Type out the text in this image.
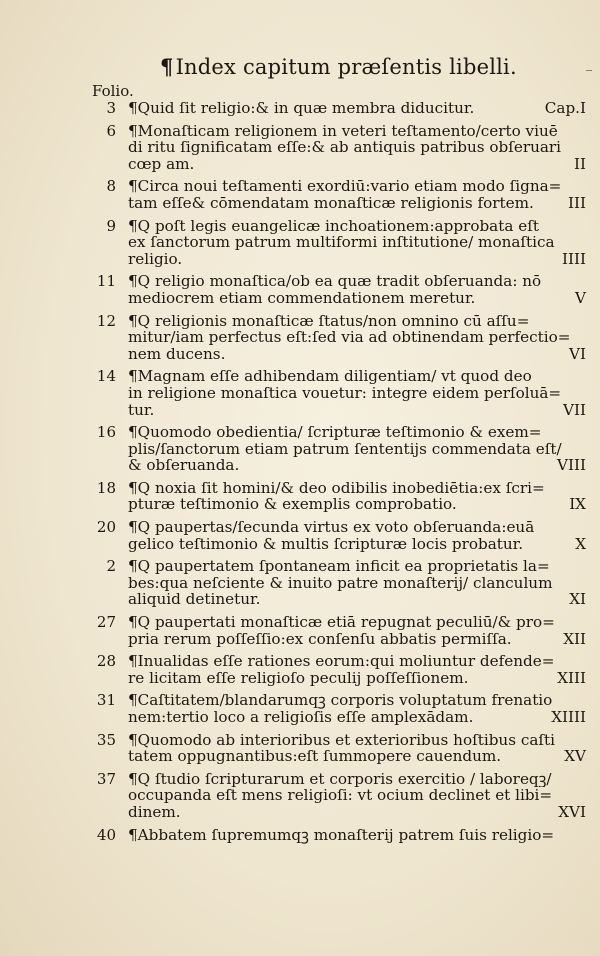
¶Index capitum præſentis libelli.
Folio.
3 ¶Quid ſit religio:& in quæ membra diducitur.	Cap.I
6 ¶Monaſticam religionem in veteri teſtamento/certo viuē
di ritu ſignificatam eſſe:& ab antiquis patribus obſeruari
cœp am.	II
8 ¶Circa noui teſtamenti exordiū:vario etiam modo ſigna=
tam eſſe& cōmendatam monaſticæ religionis fortem.	III
9 ¶Q poſt legis euangelicæ inchoationem:approbata eſt
ex ſanctorum patrum multiformi inſtitutione/ monaſtica
religio.	IIII
11 ¶Q religio monaſtica/ob ea quæ tradit obſeruanda: nō
mediocrem etiam commendationem meretur.	V
12 ¶Q religionis monaſticæ ſtatus/non omnino cū aſſu=
mitur/iam perfectus eſt:ſed via ad obtinendam perfectio=
nem ducens.	VI
14 ¶Magnam eſſe adhibendam diligentiam/ vt quod deo
in religione monaſtica vouetur: integre eidem perſoluā=
tur.	VII
16 ¶Quomodo obedientia/ ſcripturæ teſtimonio & exem=
plis/ſanctorum etiam patrum ſententijs commendata eſt/
& obſeruanda.	VIII
18 ¶Q noxia ſit homini/& deo odibilis inobediētia:ex ſcri=
pturæ teſtimonio & exemplis comprobatio.	IX
20 ¶Q paupertas/ſecunda virtus ex voto obſeruanda:euā
gelico teſtimonio & multis ſcripturæ locis probatur.	X
2 ¶Q paupertatem ſpontaneam inficit ea proprietatis la=
bes:qua neſciente & inuito patre monaſterij/ clanculum
aliquid detinetur.	XI
27 ¶Q paupertati monaſticæ etiā repugnat peculiū/& pro=
pria rerum poſſeſſio:ex conſenſu abbatis permiſſa.	XII
28 ¶Inualidas eſſe rationes eorum:qui moliuntur defende=
re licitam eſſe religioſo peculij poſſeſſionem.	XIII
31 ¶Caſtitatem/blandarumqꝫ corporis voluptatum frenatio
nem:tertio loco a religioſis eſſe amplexādam.	XIIII
35 ¶Quomodo ab interioribus et exterioribus hoſtibus caſti
tatem oppugnantibus:eſt ſummopere cauendum.	XV
37 ¶Q ſtudio ſcripturarum et corporis exercitio / laboreqꝫ/
occupanda eſt mens religioſi: vt ocium declinet et libi=
dinem.	XVI
40 ¶Abbatem ſupremumqꝫ monaſterij patrem ſuis religio=
